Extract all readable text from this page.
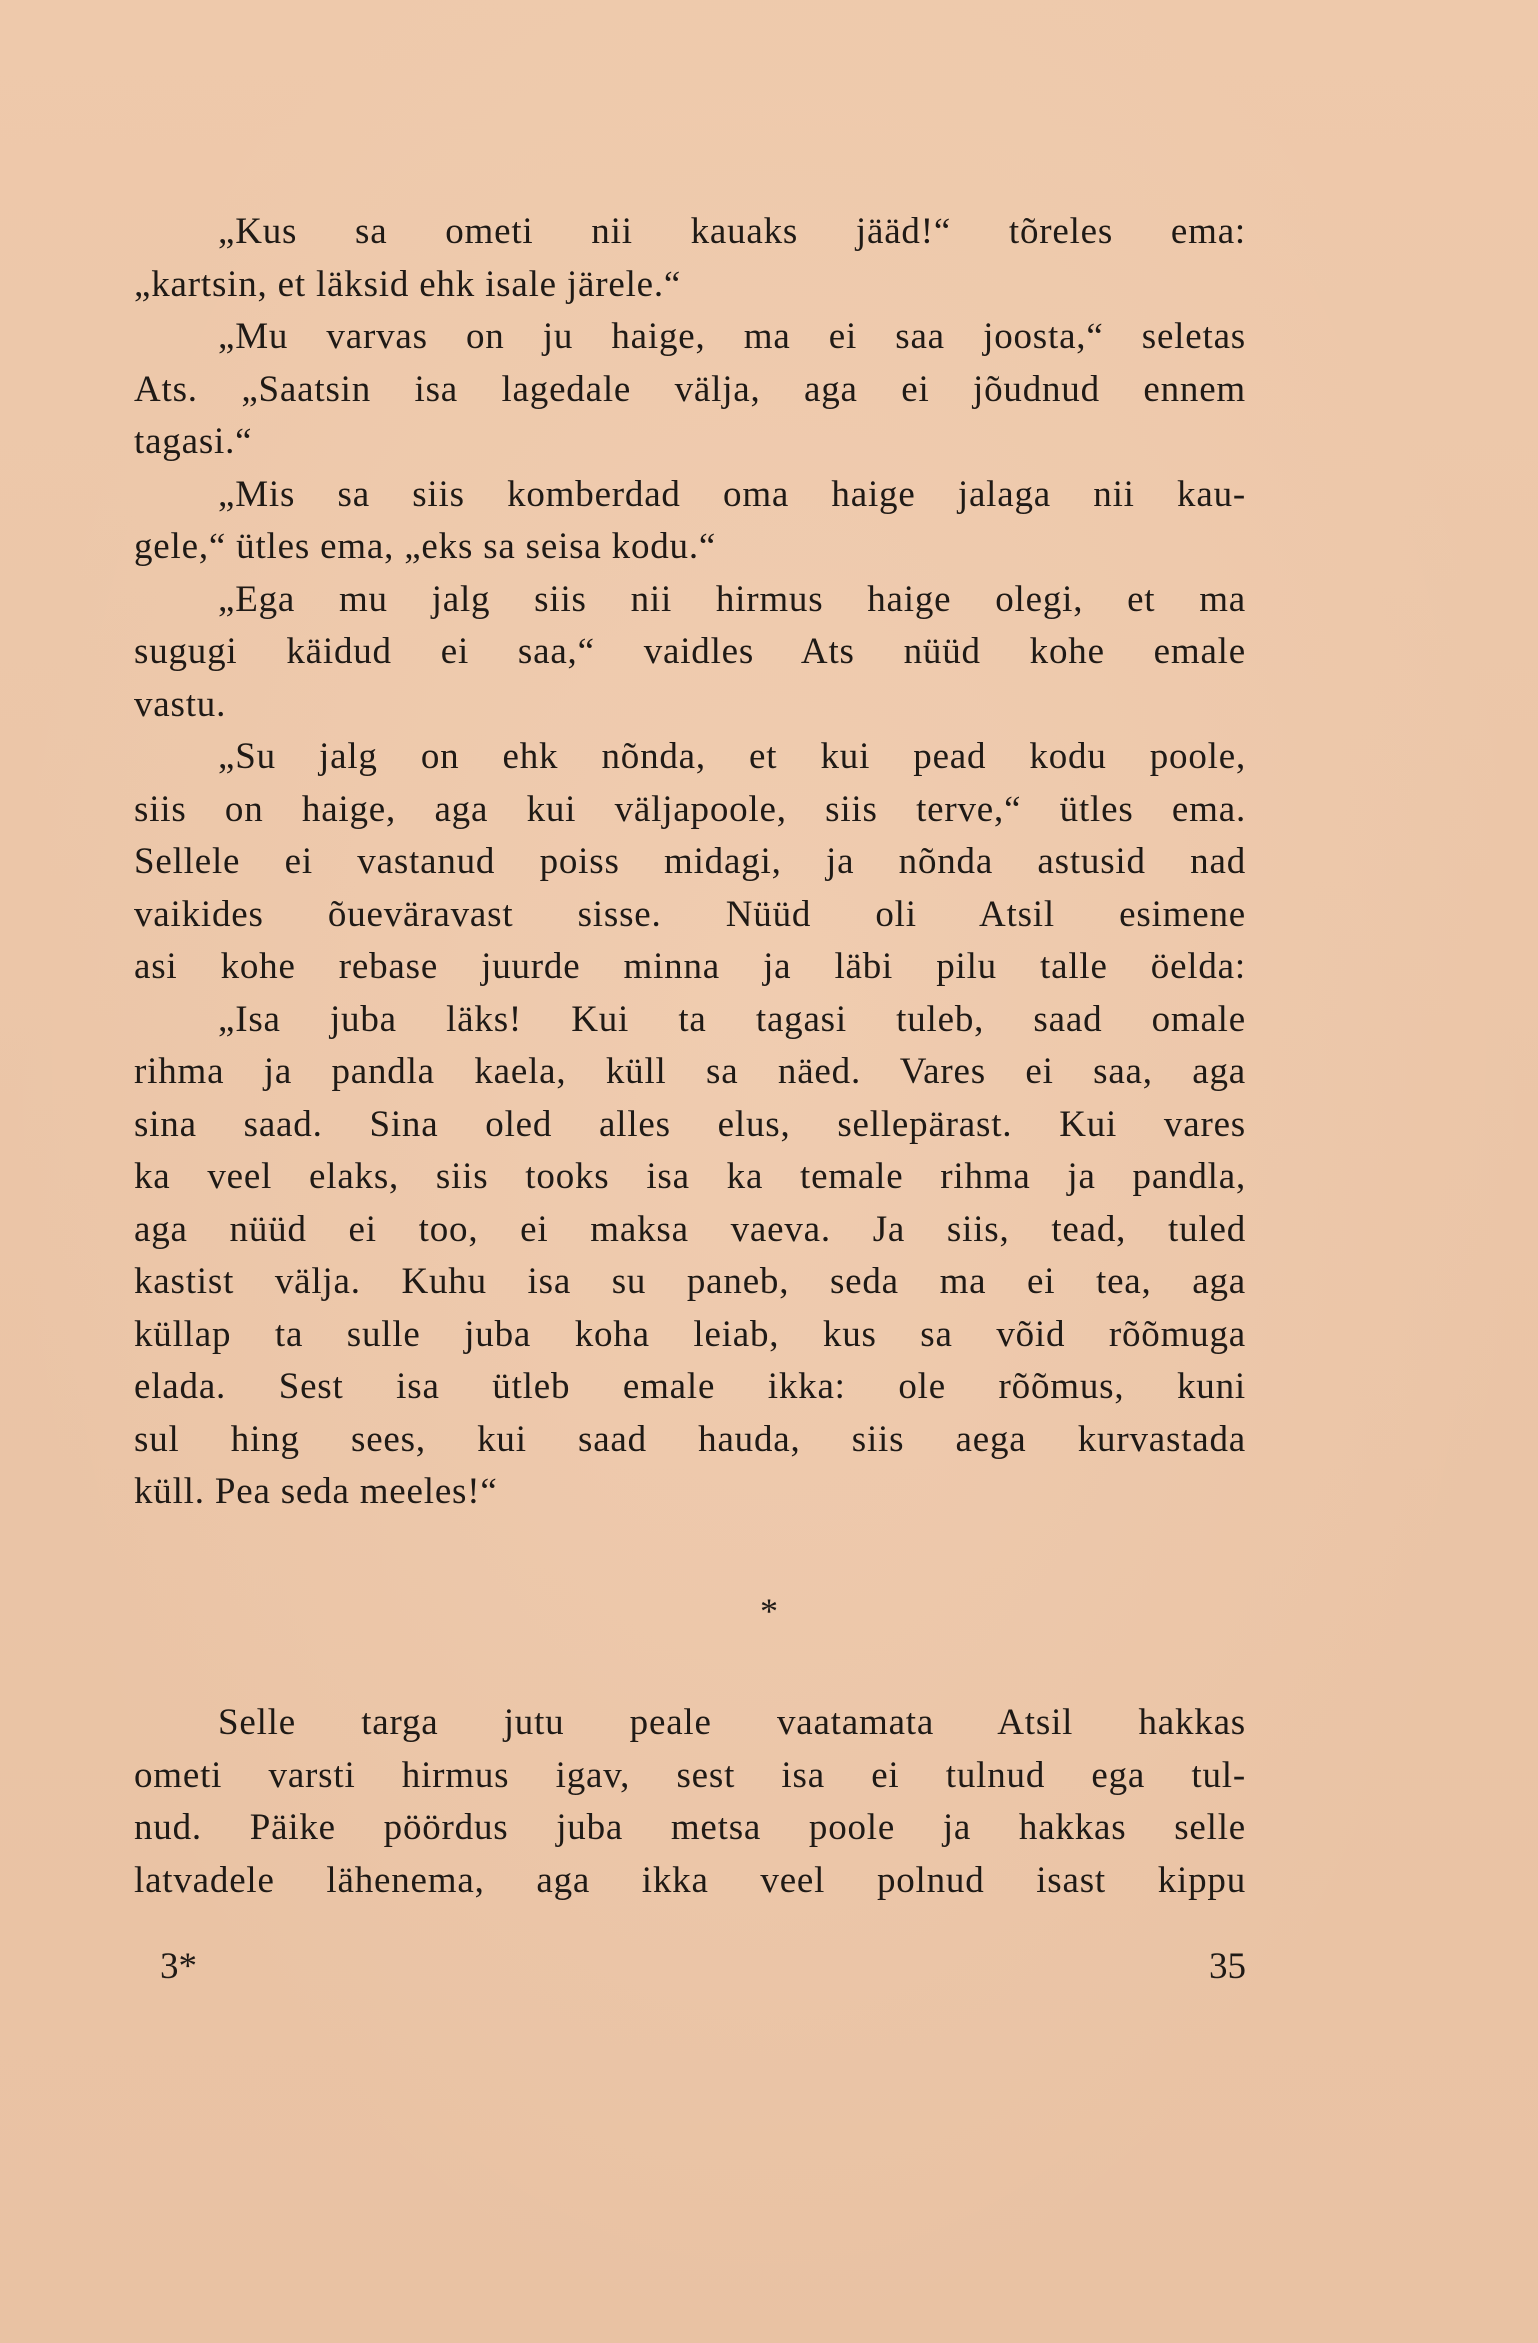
„Kus sa ometi nii kauaks jääd!“ tõreles ema:
„kartsin, et läksid ehk isale järele.“
„Mu varvas on ju haige, ma ei saa joosta,“ seletas
Ats. „Saatsin isa lagedale välja, aga ei jõudnud ennem
tagasi.“
„Mis sa siis komberdad oma haige jalaga nii kau-
gele,“ ütles ema, „eks sa seisa kodu.“
„Ega mu jalg siis nii hirmus haige olegi, et ma
sugugi käidud ei saa,“ vaidles Ats nüüd kohe emale
vastu.
„Su jalg on ehk nõnda, et kui pead kodu poole,
siis on haige, aga kui väljapoole, siis terve,“ ütles ema.
Sellele ei vastanud poiss midagi, ja nõnda astusid nad
vaikides õueväravast sisse. Nüüd oli Atsil esimene
asi kohe rebase juurde minna ja läbi pilu talle öelda:
„Isa juba läks! Kui ta tagasi tuleb, saad omale
rihma ja pandla kaela, küll sa näed. Vares ei saa, aga
sina saad. Sina oled alles elus, sellepärast. Kui vares
ka veel elaks, siis tooks isa ka temale rihma ja pandla,
aga nüüd ei too, ei maksa vaeva. Ja siis, tead, tuled
kastist välja. Kuhu isa su paneb, seda ma ei tea, aga
küllap ta sulle juba koha leiab, kus sa võid rõõmuga
elada. Sest isa ütleb emale ikka: ole rõõmus, kuni
sul hing sees, kui saad hauda, siis aega kurvastada
küll. Pea seda meeles!“
*
Selle targa jutu peale vaatamata Atsil hakkas
ometi varsti hirmus igav, sest isa ei tulnud ega tul-
nud. Päike pöördus juba metsa poole ja hakkas selle
latvadele lähenema, aga ikka veel polnud isast kippu
3*	35
